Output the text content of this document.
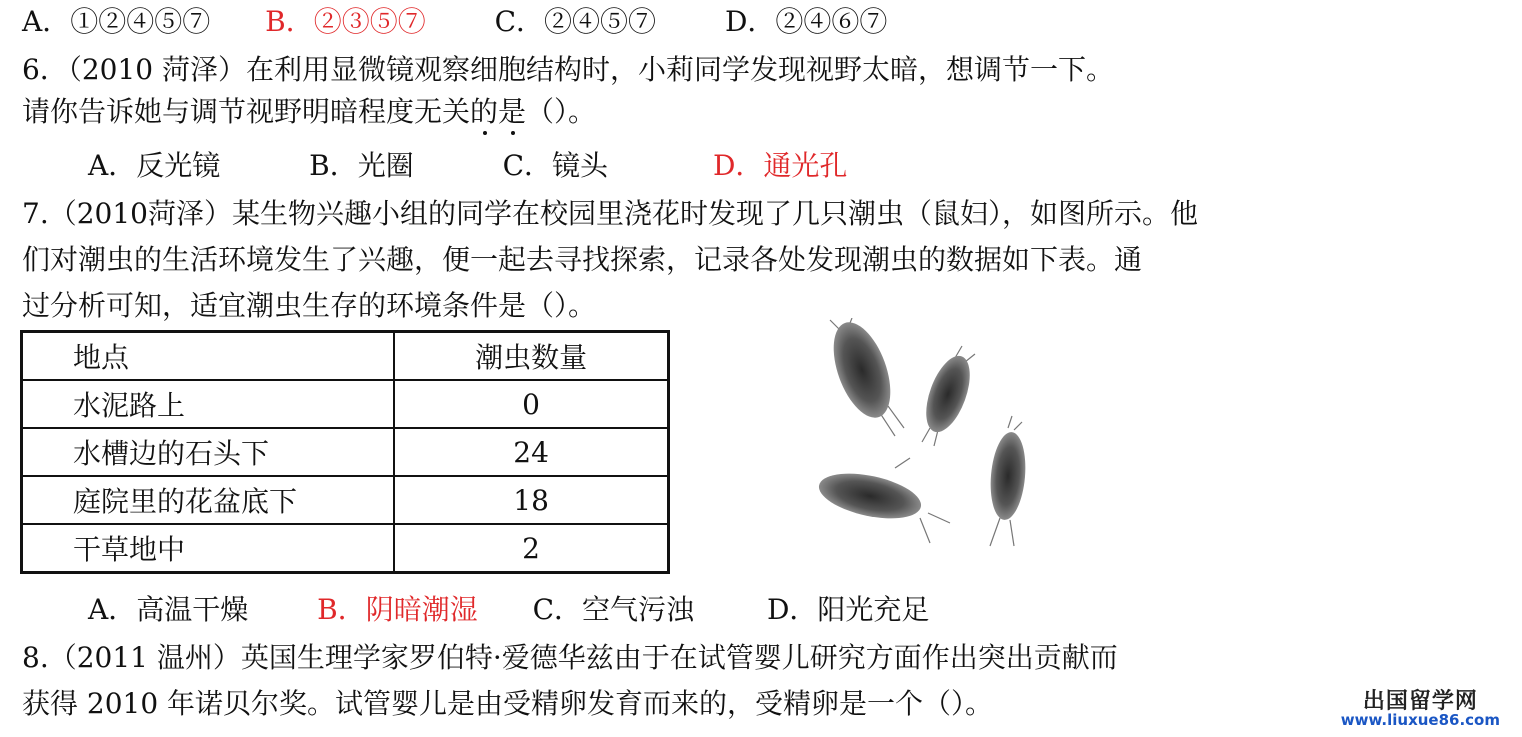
A．①②④⑤⑦ B．②③⑤⑦ C．②④⑤⑦ D．②④⑥⑦
6．（2010 菏泽）在利用显微镜观察细胞结构时，小莉同学发现视野太暗，想调节一下。
请你告诉她与调节视野明暗程度无关的是（）。
A．反光镜	B．光圈	C．镜头	D．通光孔
7.（2010菏泽）某生物兴趣小组的同学在校园里浇花时发现了几只潮虫（鼠妇），如图所示。他
们对潮虫的生活环境发生了兴趣，便一起去寻找探索，记录各处发现潮虫的数据如下表。通
过分析可知，适宜潮虫生存的环境条件是（）。
地点	潮虫数量
水泥路上	0
水槽边的石头下	24
庭院里的花盆底下	18
干草地中	2
A．高温干燥 B．阴暗潮湿 C．空气污浊	D．阳光充足
8.（2011 温州）英国生理学家罗伯特·爱德华兹由于在试管婴儿研究方面作出突出贡献而
获得 2010 年诺贝尔奖。试管婴儿是由受精卵发育而来的，受精卵是一个（）。	出国留学网
www.liuxue86.com
